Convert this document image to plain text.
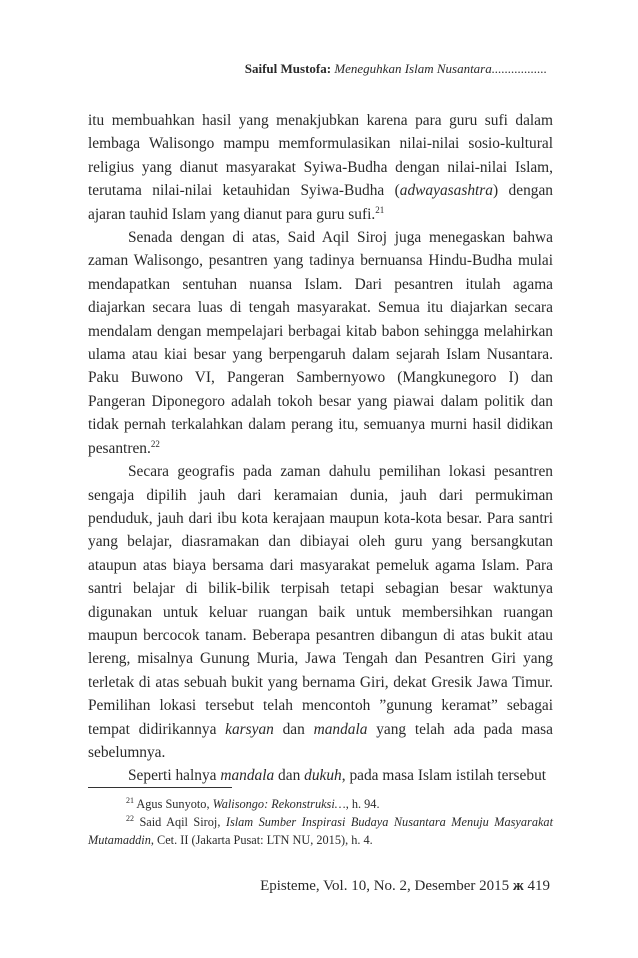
Saiful Mustofa: Meneguhkan Islam Nusantara.................

itu membuahkan hasil yang menakjubkan karena para guru sufi dalam lembaga Walisongo mampu memformulasikan nilai-nilai sosio-kultural religius yang dianut masyarakat Syiwa-Budha dengan nilai-nilai Islam, terutama nilai-nilai ketauhidan Syiwa-Budha (adwayasashtra) dengan ajaran tauhid Islam yang dianut para guru sufi.$^{21}$

Senada dengan di atas, Said Aqil Siroj juga menegaskan bahwa zaman Walisongo, pesantren yang tadinya bernuansa Hindu-Budha mulai mendapatkan sentuhan nuansa Islam. Dari pesantren itulah agama diajarkan secara luas di tengah masyarakat. Semua itu diajarkan secara mendalam dengan mempelajari berbagai kitab babon sehingga melahirkan ulama atau kiai besar yang berpengaruh dalam sejarah Islam Nusantara. Paku Buwono VI, Pangeran Sambernyowo (Mangkunegoro I) dan Pangeran Diponegoro adalah tokoh besar yang piawai dalam politik dan tidak pernah terkalahkan dalam perang itu, semuanya murni hasil didikan pesantren.$^{22}$

Secara geografis pada zaman dahulu pemilihan lokasi pesantren sengaja dipilih jauh dari keramaian dunia, jauh dari permukiman penduduk, jauh dari ibu kota kerajaan maupun kota-kota besar. Para santri yang belajar, diasramakan dan dibiayai oleh guru yang bersangkutan ataupun atas biaya bersama dari masyarakat pemeluk agama Islam. Para santri belajar di bilik-bilik terpisah tetapi sebagian besar waktunya digunakan untuk keluar ruangan baik untuk membersihkan ruangan maupun bercocok tanam. Beberapa pesantren dibangun di atas bukit atau lereng, misalnya Gunung Muria, Jawa Tengah dan Pesantren Giri yang terletak di atas sebuah bukit yang bernama Giri, dekat Gresik Jawa Timur. Pemilihan lokasi tersebut telah mencontoh ”gunung keramat” sebagai tempat didirikannya karsyan dan mandala yang telah ada pada masa sebelumnya.

Seperti halnya mandala dan dukuh, pada masa Islam istilah tersebut

$^{21}$ Agus Sunyoto, Walisongo: Rekonstruksi…, h. 94.

$^{22}$ Said Aqil Siroj, Islam Sumber Inspirasi Budaya Nusantara Menuju Masyarakat Mutamaddin, Cet. II (Jakarta Pusat: LTN NU, 2015), h. 4.

Episteme, Vol. 10, No. 2, Desember 2015 ж 419
